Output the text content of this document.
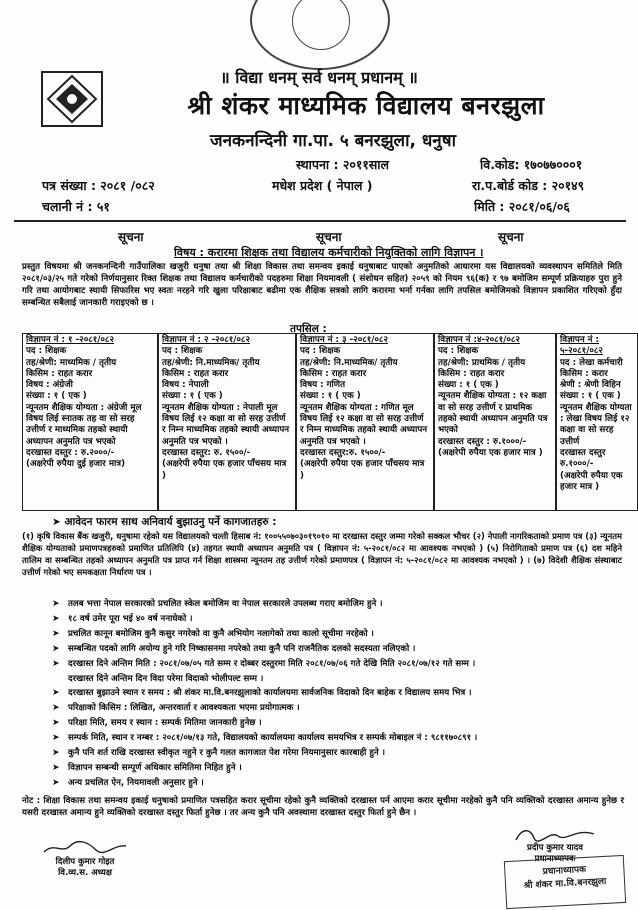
॥ विद्या धनम् सर्व धनम् प्रधानम् ॥
श्री शंकर माध्यमिक विद्यालय बनरझुला
जनकनन्दिनी गा.पा. ५ बनरझुला, धनुषा
स्थापना : २०११साल	वि.कोड: १७०७७०००१
पत्र संख्या : २०८१ /०८२	मधेश प्रदेश ( नेपाल )	रा.प.बोर्ड कोड : २०१४९
चलानी नं : ५१	मिति : २०८१/०६/०६
सूचना	सूचना	सूचना
विषय : करारमा शिक्षक तथा विद्यालय कर्मचारीको नियुक्तिको लागि विज्ञापन ।
प्रस्तुत विषयमा श्री जनकनन्दिनी गाउँपालिका खजुरी धनुषा तथा श्री शिक्षा विकास तथा समन्वय इकाई धनुषाबाट पाएको अनुमतिको आधारमा यस विद्यालयको व्यवस्थापन समितिले मिति २०८१/०३/२५ गते गरेको निर्णयानुसार रिक्त शिक्षक तथा विद्यालय कर्मचारीको पदहरुमा शिक्षा नियमावली ( संशोधन सहित) २०५९ को नियम ९६(क) र ९७ बमोजिम सम्पूर्ण प्रक्रियाहरु पुरा हुने गरि तथा आयोगबाट स्थायी सिफारिस भए स्वतः नरहने गरि खुला परिक्षाबाट बढीमा एक शैक्षिक सत्रको लागि करारमा भर्ना गर्नका लागि तपसिल बमोजिमको विज्ञापन प्रकाशित गरिएको हुँदा सम्बन्धित सबैलाई जानकारी गराइएको छ ।
तपसिल :
विज्ञापन नं : १ -२०८१/०८२
पद : शिक्षक
तह/श्रेणी: माध्यमिक / तृतीय
किसिम : राहत करार
विषय : अंग्रेजी
संख्या : १ ( एक )
न्यूनतम शैक्षिक योग्यता : अंग्रेजी मूल विषय लिई स्नातक तह वा सो सरह उत्तीर्ण र माध्यमिक तहको स्थायी अध्यापन अनुमति पत्र भएको
दरखास्त दस्तुर : रु.२०००/-
(अक्षरेपी रुपैया दुई हजार मात्र)
विज्ञापन नं : २ -२०८१/०८२
पद : शिक्षक
तह/श्रेणी: नि.माध्यमिक/ तृतीय
किसिम : राहत करार
विषय : नेपाली
संख्या : १ ( एक )
न्यूनतम शैक्षिक योग्यता : नेपाली मूल विषय लिई १२ कक्षा वा सो सरह उत्तीर्ण र निम्न माध्यमिक तहको स्थायी अध्यापन अनुमति पत्र भएको ।
दरखास्त दस्तुर: रु. १५००/-
(अक्षरेपी रुपैया एक हजार पाँचसय मात्र )
विज्ञापन नं : ३ -२०८१/०८२
पद : शिक्षक
तह/श्रेणी: नि.माध्यमिक/ तृतीय
किसिम : राहत करार
विषय : गणित
संख्या : १ ( एक )
न्यूनतम शैक्षिक योग्यता : गणित मूल विषय लिई १२ कक्षा वा सो सरह उत्तीर्ण र निम्न माध्यमिक तहको स्थायी अध्यापन अनुमति पत्र भएको ।
दरखास्त दस्तुर:रु. १५००/-
(अक्षरेपी रुपैया एक हजार पाँचसय मात्र )
विज्ञापन नं :४-२०८१/०८२
पद : शिक्षक
तह/श्रेणी: प्राथमिक / तृतीय
किसिम : राहत करार
संख्या : १ ( एक )
न्यूनतम शैक्षिक योग्यता : १२ कक्षा वा सो सरह उत्तीर्ण र प्राथमिक तहको स्थायी अध्यापन अनुमति पत्र भएको
दरखास्त दस्तुर : रु.१०००/-
(अक्षरेपी रुपैया एक हजार मात्र )
विज्ञापन नं : ५-२०८१/०८२
पद : लेखा कर्मचारी
किसिम : करार
श्रेणी : श्रेणी विहिन
संख्या : १ ( एक )
न्यूनतम शैक्षिक योग्यता : लेखा विषय लिई १२ कक्षा वा सो सरह उत्तीर्ण
दरखास्त दस्तुर रु.१०००/-
(अक्षरेपी रुपैया एक हजार मात्र )
➤ आवेदन फारम साथ अनिवार्य बुझाउनु पर्ने कागजातहरु :
(१) कृषि विकास बैंक खजुरी, धनुषामा रहेको यस विद्यालयको चल्ती हिसाब नं: १००५५०७०३०१९०१० मा दरखास्त दस्तुर जम्मा गरेको सक्कल भौचर (२) नेपाली नागरिकताको प्रमाण पत्र (३) न्यूनतम शैक्षिक योग्यताको प्रमाणपत्रहरुको प्रमाणित प्रतिलिपि (४) तहगत स्थायी अध्यापन अनुमति पत्र ( विज्ञापन नं: ५-२०८१/०८२ मा आवश्यक नभएको ) (५) निरोगिताको प्रमाण पत्र (६) दश महिने तालिम वा सम्बन्धित तहको अध्यापन अनुमति पत्र प्राप्त गर्न शिक्षा शास्त्रमा न्यूनतम तह उत्तीर्ण गरेको प्रमाणपत्र ( विज्ञापन नं: ५-२०८१/०८२ मा आवश्यक नभएको ) । (७) विदेशी शैक्षिक संस्थाबाट उत्तीर्ण गरेको भए समकक्षता निर्धारण पत्र ।
➤ तलब भत्ता नेपाल सरकारको प्रचलित स्केल बमोजिम वा नेपाल सरकारले उपलब्ध गराए बमोजिम हुने ।
➤ १८ वर्ष उमेर पूरा भई ४० वर्ष ननाघेको ।
➤ प्रचलित कानून बमोजिम कुनै कसुर नगरेको वा कुनै अभियोग नलागेको तथा कालो सूचीमा नरहेको ।
➤ सम्बन्धित पदको लागि अयोग्य हुने गरि निष्कासनमा नपरेको तथा कुनै पनि राजनैतिक दलको सदस्यता नलिएको ।
➤ दरखास्त दिने अन्तिम मिति : २०८१/०७/०५ गते सम्म र दोब्बर दस्तुरमा मिति २०८१/०७/०६ गते देखि मिति २०८१/०७/१२ गते सम्म ।
दरखास्त दिने अन्तिम दिन विदा परेमा विदाको भोलीपल्ट सम्म ।
➤ दरखास्त बुझाउने स्थान र समय : श्री शंकर मा.वि.बनरझुलाको कार्यालयमा सार्वजनिक विदाको दिन बाहेक र विद्यालय समय भित्र ।
➤ परिक्षाको किसिम : लिखित, अन्तरवार्ता र आवश्यकता भएमा प्रयोगात्मक ।
➤ परिक्षा मिति, समय र स्थान : सम्पर्क मितिमा जानकारी हुनेछ ।
➤ सम्पर्क मिति, स्थान र नम्बर : २०८१/०७/१३ गते, विद्यालयको कार्यालयमा कार्यालय समयभित्र र सम्पर्क मोबाइल नं : ९८११७०८९१ ।
➤ कुनै पनि शर्त राखि दरखास्त स्वीकृत नहुने र कुनै गलत कागजात पेश गरेमा नियमानुसार कारबाही हुने ।
➤ विज्ञापन सम्बन्धी सम्पूर्ण अधिकार समितिमा निहित हुने ।
➤ अन्य प्रचलित ऐन, नियमावली अनुसार हुने ।
नोट : शिक्षा विकास तथा समन्वय इकाई धनुषाको प्रमाणित पत्रसहित करार सूचीमा रहेको कुनै व्यक्तिको दरखास्त पर्न आएमा करार सूचीमा नरहेको कुनै पनि व्यक्तिको दरखास्त अमान्य हुनेछ र यसरी दरखास्त अमान्य हुने व्यक्तिको दरखास्त दस्तुर फिर्ता हुनेछ । तर अन्य कुनै पनि अवस्थामा दरखास्त दस्तुर फिर्ता हुने छैन ।
दिलीप कुमार गोइत
वि.व्य.स. अध्यक्ष
प्रदीप कुमार यादव
प्रधानाध्यापक
प्रधानाध्यापक
श्री शंकर मा.वि.बनरझुला
